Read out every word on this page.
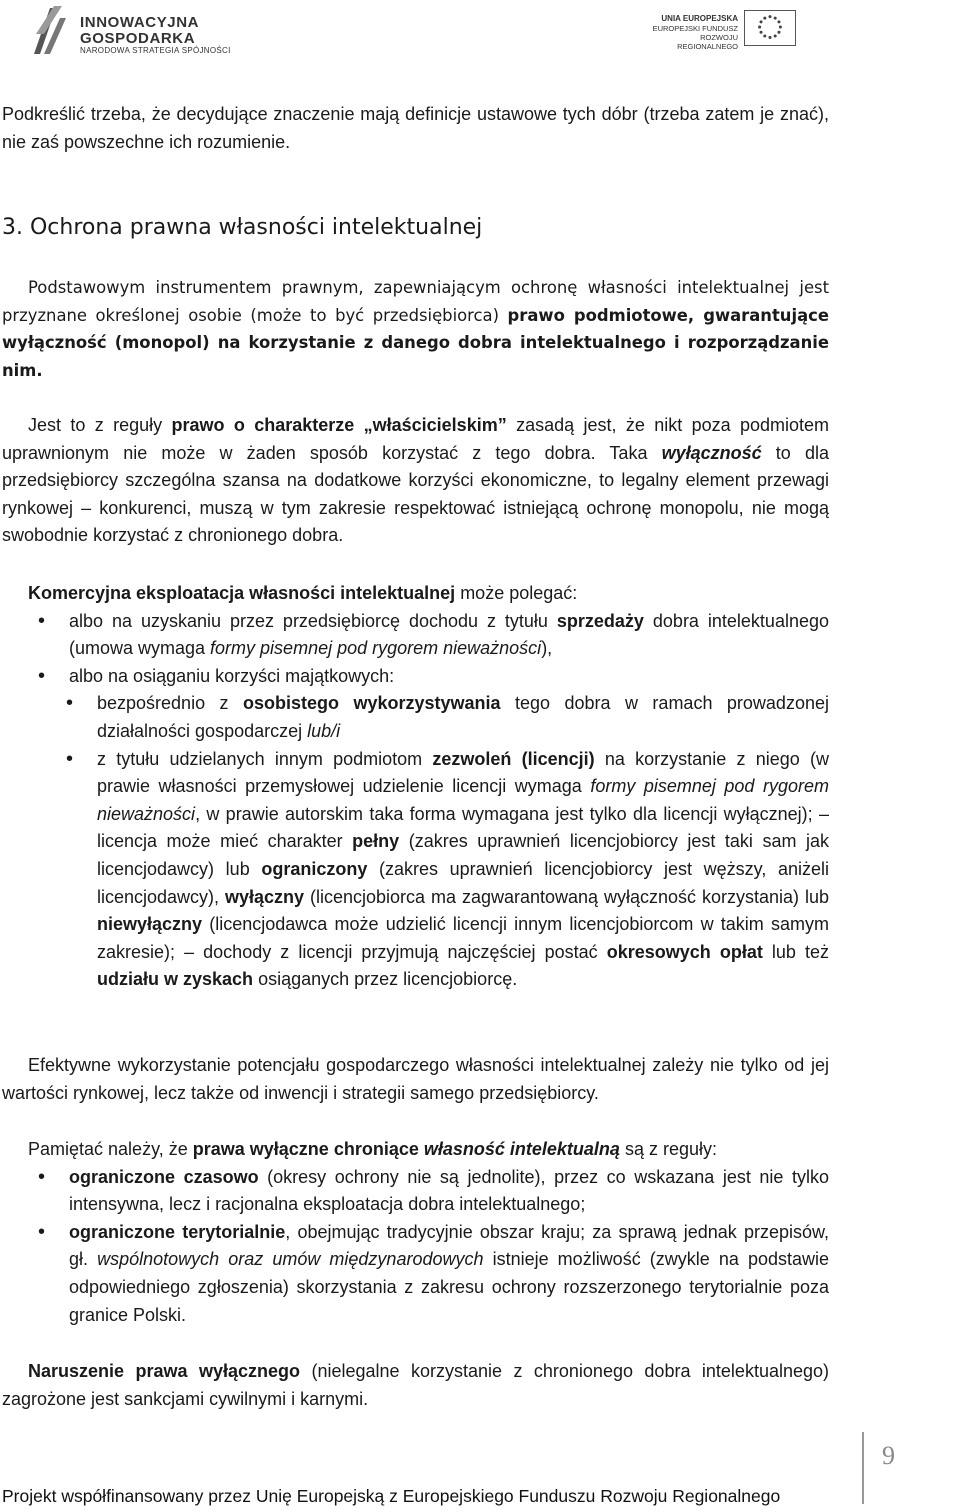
INNOWACYJNA
GOSPODARKA
NARODOWA STRATEGIA SPÓJNOŚCI
UNIA EUROPEJSKA
EUROPEJSKI FUNDUSZ
ROZWOJU REGIONALNEGO

Podkreślić trzeba, że decydujące znaczenie mają definicje ustawowe tych dóbr (trzeba zatem je znać), nie zaś powszechne ich rozumienie.

3. Ochrona prawna własności intelektualnej

Podstawowym instrumentem prawnym, zapewniającym ochronę własności intelektualnej jest przyznane określonej osobie (może to być przedsiębiorca) prawo podmiotowe, gwarantujące wyłączność (monopol) na korzystanie z danego dobra intelektualnego i rozporządzanie nim.

Jest to z reguły prawo o charakterze „właścicielskim” zasadą jest, że nikt poza podmiotem uprawnionym nie może w żaden sposób korzystać z tego dobra. Taka wyłączność to dla przedsiębiorcy szczególna szansa na dodatkowe korzyści ekonomiczne, to legalny element przewagi rynkowej – konkurenci, muszą w tym zakresie respektować istniejącą ochronę monopolu, nie mogą swobodnie korzystać z chronionego dobra.

Komercyjna eksploatacja własności intelektualnej może polegać:

• albo na uzyskaniu przez przedsiębiorcę dochodu z tytułu sprzedaży dobra intelektualnego (umowa wymaga formy pisemnej pod rygorem nieważności),
• albo na osiąganiu korzyści majątkowych:
• bezpośrednio z osobistego wykorzystywania tego dobra w ramach prowadzonej działalności gospodarczej lub/i
• z tytułu udzielanych innym podmiotom zezwoleń (licencji) na korzystanie z niego (w prawie własności przemysłowej udzielenie licencji wymaga formy pisemnej pod rygorem nieważności, w prawie autorskim taka forma wymagana jest tylko dla licencji wyłącznej); – licencja może mieć charakter pełny (zakres uprawnień licencjobiorcy jest taki sam jak licencjodawcy) lub ograniczony (zakres uprawnień licencjobiorcy jest węższy, aniżeli licencjodawcy), wyłączny (licencjobiorca ma zagwarantowaną wyłączność korzystania) lub niewyłączny (licencjodawca może udzielić licencji innym licencjobiorcom w takim samym zakresie); – dochody z licencji przyjmują najczęściej postać okresowych opłat lub też udziału w zyskach osiąganych przez licencjobiorcę.

Efektywne wykorzystanie potencjału gospodarczego własności intelektualnej zależy nie tylko od jej wartości rynkowej, lecz także od inwencji i strategii samego przedsiębiorcy.

Pamiętać należy, że prawa wyłączne chroniące własność intelektualną są z reguły:

• ograniczone czasowo (okresy ochrony nie są jednolite), przez co wskazana jest nie tylko intensywna, lecz i racjonalna eksploatacja dobra intelektualnego;
• ograniczone terytorialnie, obejmując tradycyjnie obszar kraju; za sprawą jednak przepisów, gł. wspólnotowych oraz umów międzynarodowych istnieje możliwość (zwykle na podstawie odpowiedniego zgłoszenia) skorzystania z zakresu ochrony rozszerzonego terytorialnie poza granice Polski.

Naruszenie prawa wyłącznego (nielegalne korzystanie z chronionego dobra intelektualnego) zagrożone jest sankcjami cywilnymi i karnymi.

9
Projekt współfinansowany przez Unię Europejską z Europejskiego Funduszu Rozwoju Regionalnego
